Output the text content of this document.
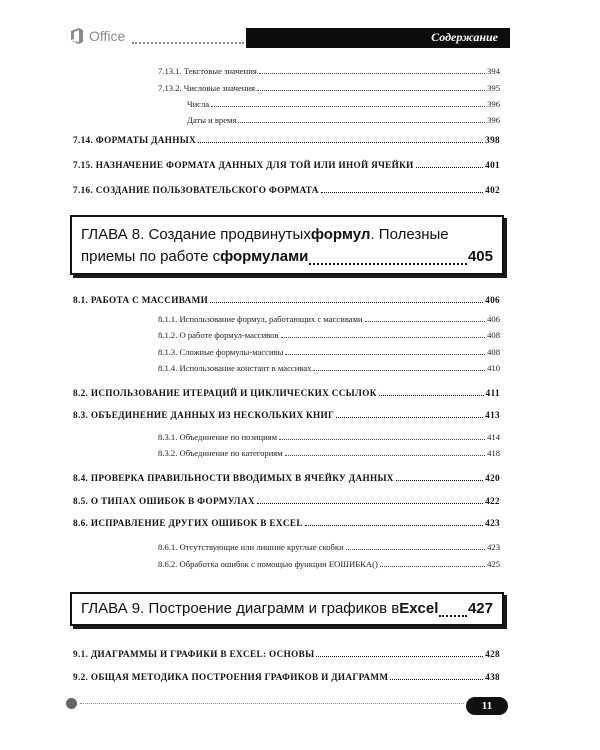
Office	Содержание
7.13.1. Текстовые значения	394
7.13.2. Числовые значения	395
Числа	396
Даты и время	396
7.14. ФОРМАТЫ ДАННЫХ	398
7.15. НАЗНАЧЕНИЕ ФОРМАТА ДАННЫХ ДЛЯ ТОЙ ИЛИ ИНОЙ ЯЧЕЙКИ	401
7.16. СОЗДАНИЕ ПОЛЬЗОВАТЕЛЬСКОГО ФОРМАТА	402
ГЛАВА 8. Создание продвинутых формул . Полезные
приемы по работе с формулами	405
8.1. РАБОТА С МАССИВАМИ	406
8.1.1. Использование формул, работающих с массивами	406
8.1.2. О работе формул-массивов	408
8.1.3. Сложные формулы-массивы	408
8.1.4. Использование констант в массивах	410
8.2. ИСПОЛЬЗОВАНИЕ ИТЕРАЦИЙ И ЦИКЛИЧЕСКИХ ССЫЛОК	411
8.3. ОБЪЕДИНЕНИЕ ДАННЫХ ИЗ НЕСКОЛЬКИХ КНИГ	413
8.3.1. Объединение по позициям	414
8.3.2. Объединение по категориям	418
8.4. ПРОВЕРКА ПРАВИЛЬНОСТИ ВВОДИМЫХ В ЯЧЕЙКУ ДАННЫХ	420
8.5. О ТИПАХ ОШИБОК В ФОРМУЛАХ	422
8.6. ИСПРАВЛЕНИЕ ДРУГИХ ОШИБОК В EXCEL	423
8.6.1. Отсутствующие или лишние круглые скобки	423
8.6.2. Обработка ошибок с помощью функции ЕОШИБКА()	425
ГЛАВА 9. Построение диаграмм и графиков в Excel 427
9.1. ДИАГРАММЫ И ГРАФИКИ В EXCEL: ОСНОВЫ	428
9.2. ОБЩАЯ МЕТОДИКА ПОСТРОЕНИЯ ГРАФИКОВ И ДИАГРАММ	438
11
